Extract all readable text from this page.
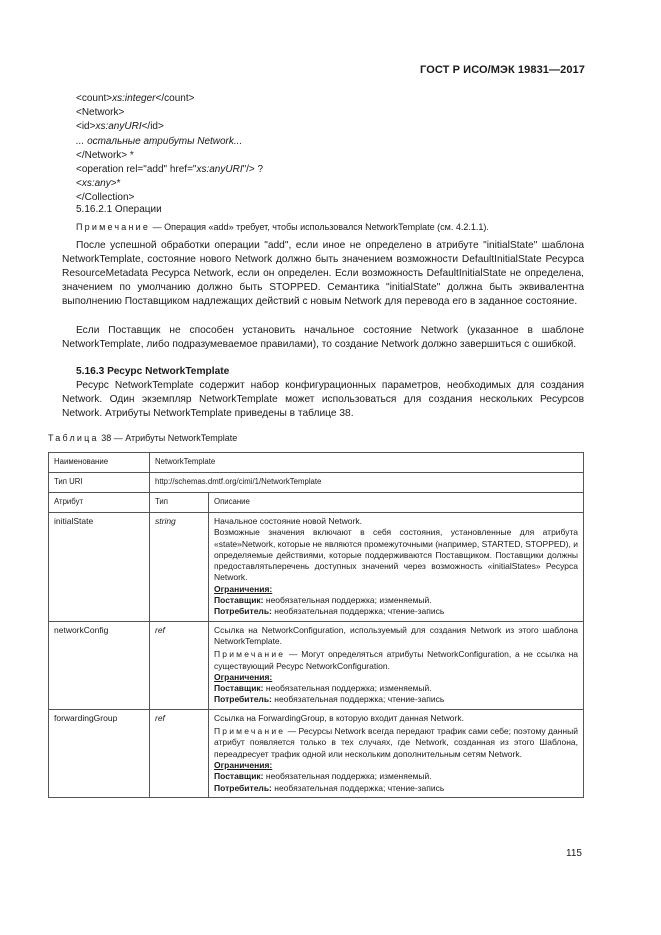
ГОСТ Р ИСО/МЭК 19831—2017
<count>xs:integer</count>
<Network>
<id>xs:anyURI</id>
... остальные атрибуты Network...
</Network> *
<operation rel="add" href="xs:anyURI"/> ?
<xs:any>*
</Collection>
5.16.2.1 Операции
Примечание — Операция «add» требует, чтобы использовался NetworkTemplate (см. 4.2.1.1).

После успешной обработки операции "add", если иное не определено в атрибуте "initialState" шаблона NetworkTemplate, состояние нового Network должно быть значением возможности DefaultInitialState Ресурса ResourceMetadata Ресурса Network, если он определен. Если возможность DefaultInitialState не определена, значением по умолчанию должно быть STOPPED. Семантика "initialState" должна быть эквивалентна выполнению Поставщиком надлежащих действий с новым Network для перевода его в заданное состояние.

Если Поставщик не способен установить начальное состояние Network (указанное в шаблоне NetworkTemplate, либо подразумеваемое правилами), то создание Network должно завершиться с ошибкой.

5.16.3 Ресурс NetworkTemplate

Ресурс NetworkTemplate содержит набор конфигурационных параметров, необходимых для создания Network. Один экземпляр NetworkTemplate может использоваться для создания нескольких Ресурсов Network. Атрибуты NetworkTemplate приведены в таблице 38.

Таблица 38 — Атрибуты NetworkTemplate
Наименование	NetworkTemplate	
Тип URI	http://schemas.dmtf.org/cimi/1/NetworkTemplate	
Атрибут	Тип	Описание
initialState	string	Начальное состояние новой Network.
Возможные значения включают в себя состояния, установленные для атрибута «state»Network, которые не являются промежуточными (например, STARTED, STOPPED), и определяемые действиями, которые поддерживаются Поставщиком. Поставщики должны предоставлятьперечень доступных значений через возможность «initialStates» Ресурса Network.
Ограничения:
Поставщик: необязательная поддержка; изменяемый.
Потребитель: необязательная поддержка; чтение-запись

networkConfig	ref	Ссылка на NetworkConfiguration, используемый для создания Network из этого шаблона NetworkTemplate.
Примечание — Могут определяться атрибуты NetworkConfiguration, а не ссылка на существующий Ресурс NetworkConfiguration.
Ограничения:
Поставщик: необязательная поддержка; изменяемый.
Потребитель: необязательная поддержка; чтение-запись

forwardingGroup	ref	Ссылка на ForwardingGroup, в которую входит данная Network.
Примечание — Ресурсы Network всегда передают трафик сами себе; поэтому данный атрибут появляется только в тех случаях, где Network, созданная из этого Шаблона, переадресует трафик одной или нескольким дополнительным сетям Network.
Ограничения:
Поставщик: необязательная поддержка; изменяемый.
Потребитель: необязательная поддержка; чтение-запись
115
